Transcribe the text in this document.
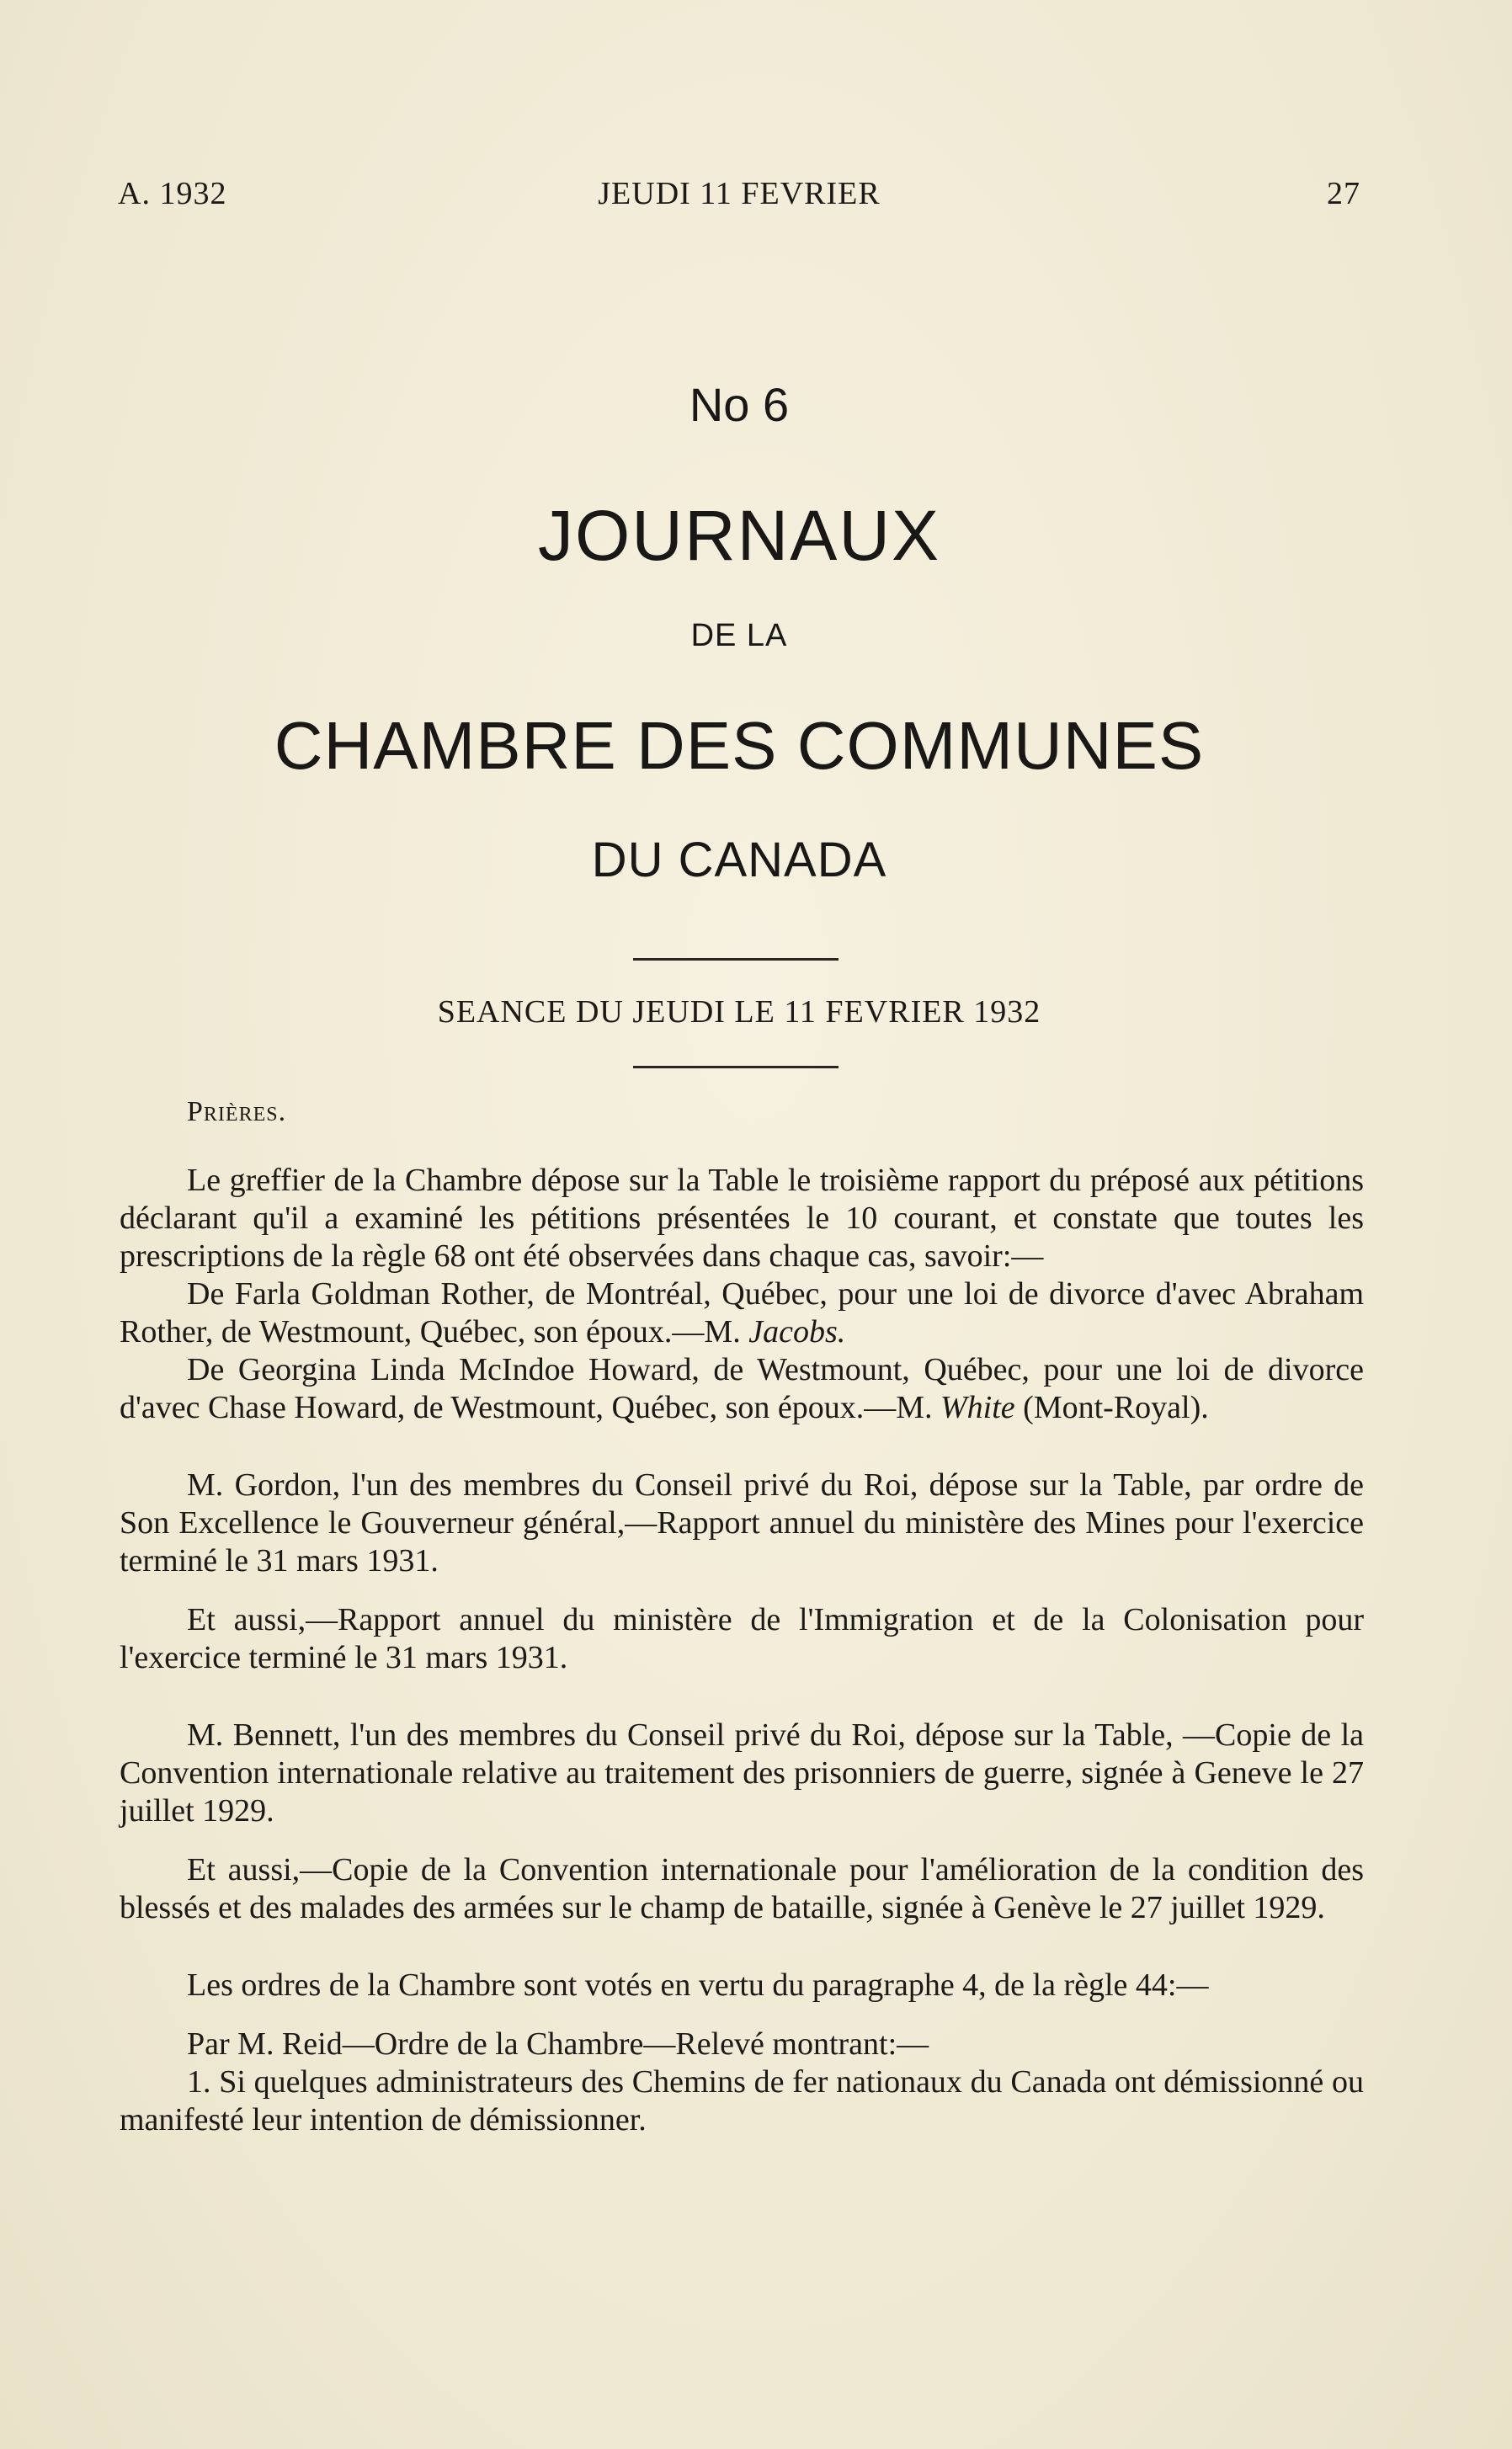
A. 1932	JEUDI 11 FEVRIER	27
No 6
JOURNAUX
DE LA
CHAMBRE DES COMMUNES
DU CANADA
SEANCE DU JEUDI LE 11 FEVRIER 1932
Prières.

Le greffier de la Chambre dépose sur la Table le troisième rapport du préposé aux pétitions déclarant qu'il a examiné les pétitions présentées le 10 courant, et constate que toutes les prescriptions de la règle 68 ont été observées dans chaque cas, savoir:—

De Farla Goldman Rother, de Montréal, Québec, pour une loi de divorce d'avec Abraham Rother, de Westmount, Québec, son époux.—M. Jacobs.

De Georgina Linda McIndoe Howard, de Westmount, Québec, pour une loi de divorce d'avec Chase Howard, de Westmount, Québec, son époux.—M. White (Mont-Royal).

M. Gordon, l'un des membres du Conseil privé du Roi, dépose sur la Table, par ordre de Son Excellence le Gouverneur général,—Rapport annuel du ministère des Mines pour l'exercice terminé le 31 mars 1931.

Et aussi,—Rapport annuel du ministère de l'Immigration et de la Colonisation pour l'exercice terminé le 31 mars 1931.

M. Bennett, l'un des membres du Conseil privé du Roi, dépose sur la Table, —Copie de la Convention internationale relative au traitement des prisonniers de guerre, signée à Geneve le 27 juillet 1929.

Et aussi,—Copie de la Convention internationale pour l'amélioration de la condition des blessés et des malades des armées sur le champ de bataille, signée à Genève le 27 juillet 1929.

Les ordres de la Chambre sont votés en vertu du paragraphe 4, de la règle 44:—

Par M. Reid—Ordre de la Chambre—Relevé montrant:—

1. Si quelques administrateurs des Chemins de fer nationaux du Canada ont démissionné ou manifesté leur intention de démissionner.
